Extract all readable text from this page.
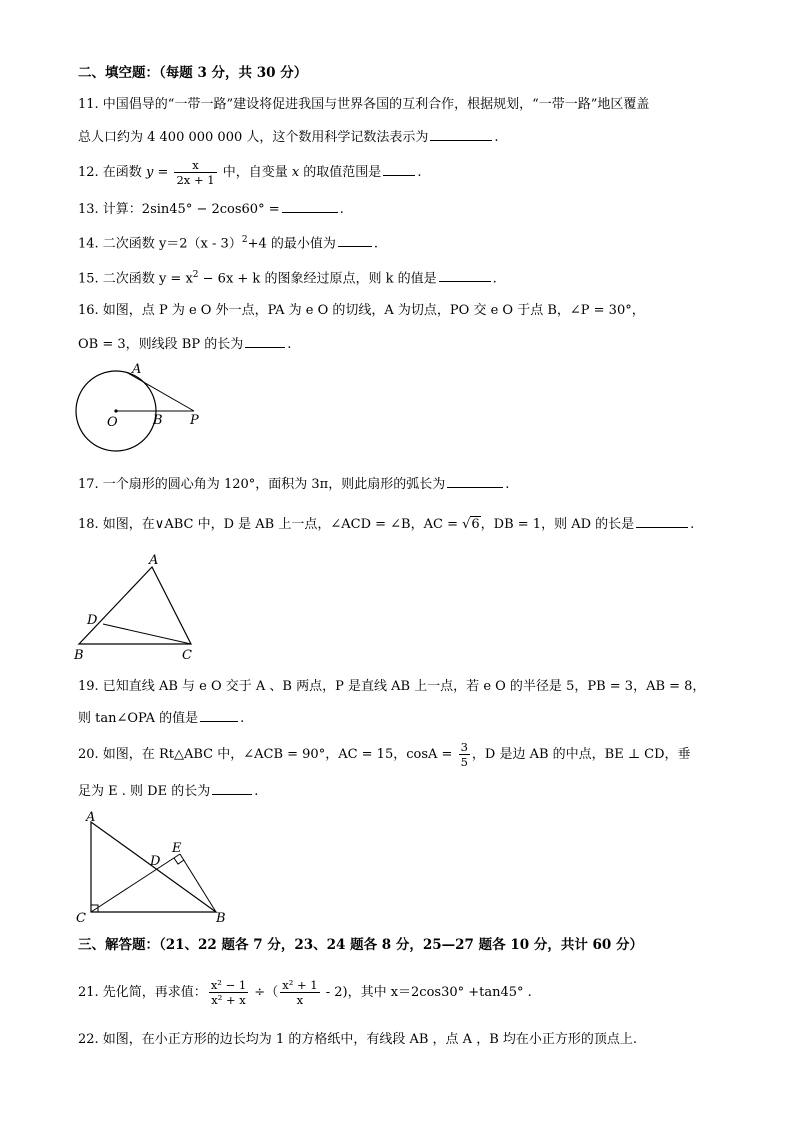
二、填空题：（每题 3 分，共 30 分）
11. 中国倡导的“一带一路”建设将促进我国与世界各国的互利合作，根据规划，“一带一路”地区覆盖
总人口约为 4 400 000 000 人，这个数用科学记数法表示为	.
12. 在函数 $y = \frac{x}{2x + 1}$ 中，自变量 x 的取值范围是	.
13. 计算：2sin45° − 2cos60° =	.
14. 二次函数 y＝2（x - 3）$^2$+4 的最小值为	.
15. 二次函数 $y = x^2 - 6x + k$ 的图象经过原点，则 k 的值是	.
16. 如图，点 P 为 e O 外一点，PA 为 e O 的切线，A 为切点，PO 交 e O 于点 B，∠P = 30°，
OB = 3，则线段 BP 的长为	.
A
O	B P
17. 一个扇形的圆心角为 120°，面积为 3π，则此扇形的弧长为	.
18. 如图，在∨ABC 中，D 是 AB 上一点，∠ACD = ∠B，AC = √6，DB = 1，则 AD 的长是	.
A
D
B	C
19. 已知直线 AB 与 e O 交于 A 、B 两点，P 是直线 AB 上一点，若 e O 的半径是 5，PB = 3，AB = 8，
则 tan∠OPA 的值是	.
20. 如图，在 Rt△ABC 中，∠ACB = 90°，AC = 15，$\cos A = \frac{3}{5}$ ，D 是边 AB 的中点，BE ⊥ CD，垂
足为 E . 则 DE 的长为	.
A
D
E
C	B
三、解答题：（21、22 题各 7 分，23、24 题各 8 分，25—27 题各 10 分，共计 60 分）
21. 先化简，再求值： $\frac{\text{x² − 1}}{\text{x² + x}}$ ÷（ $\frac{\text{x² + 1}}{x} - 2$)，其中 x＝2cos30° +tan45° .
22. 如图，在小正方形的边长均为 1 的方格纸中，有线段 AB ，点 A ，B 均在小正方形的顶点上.
